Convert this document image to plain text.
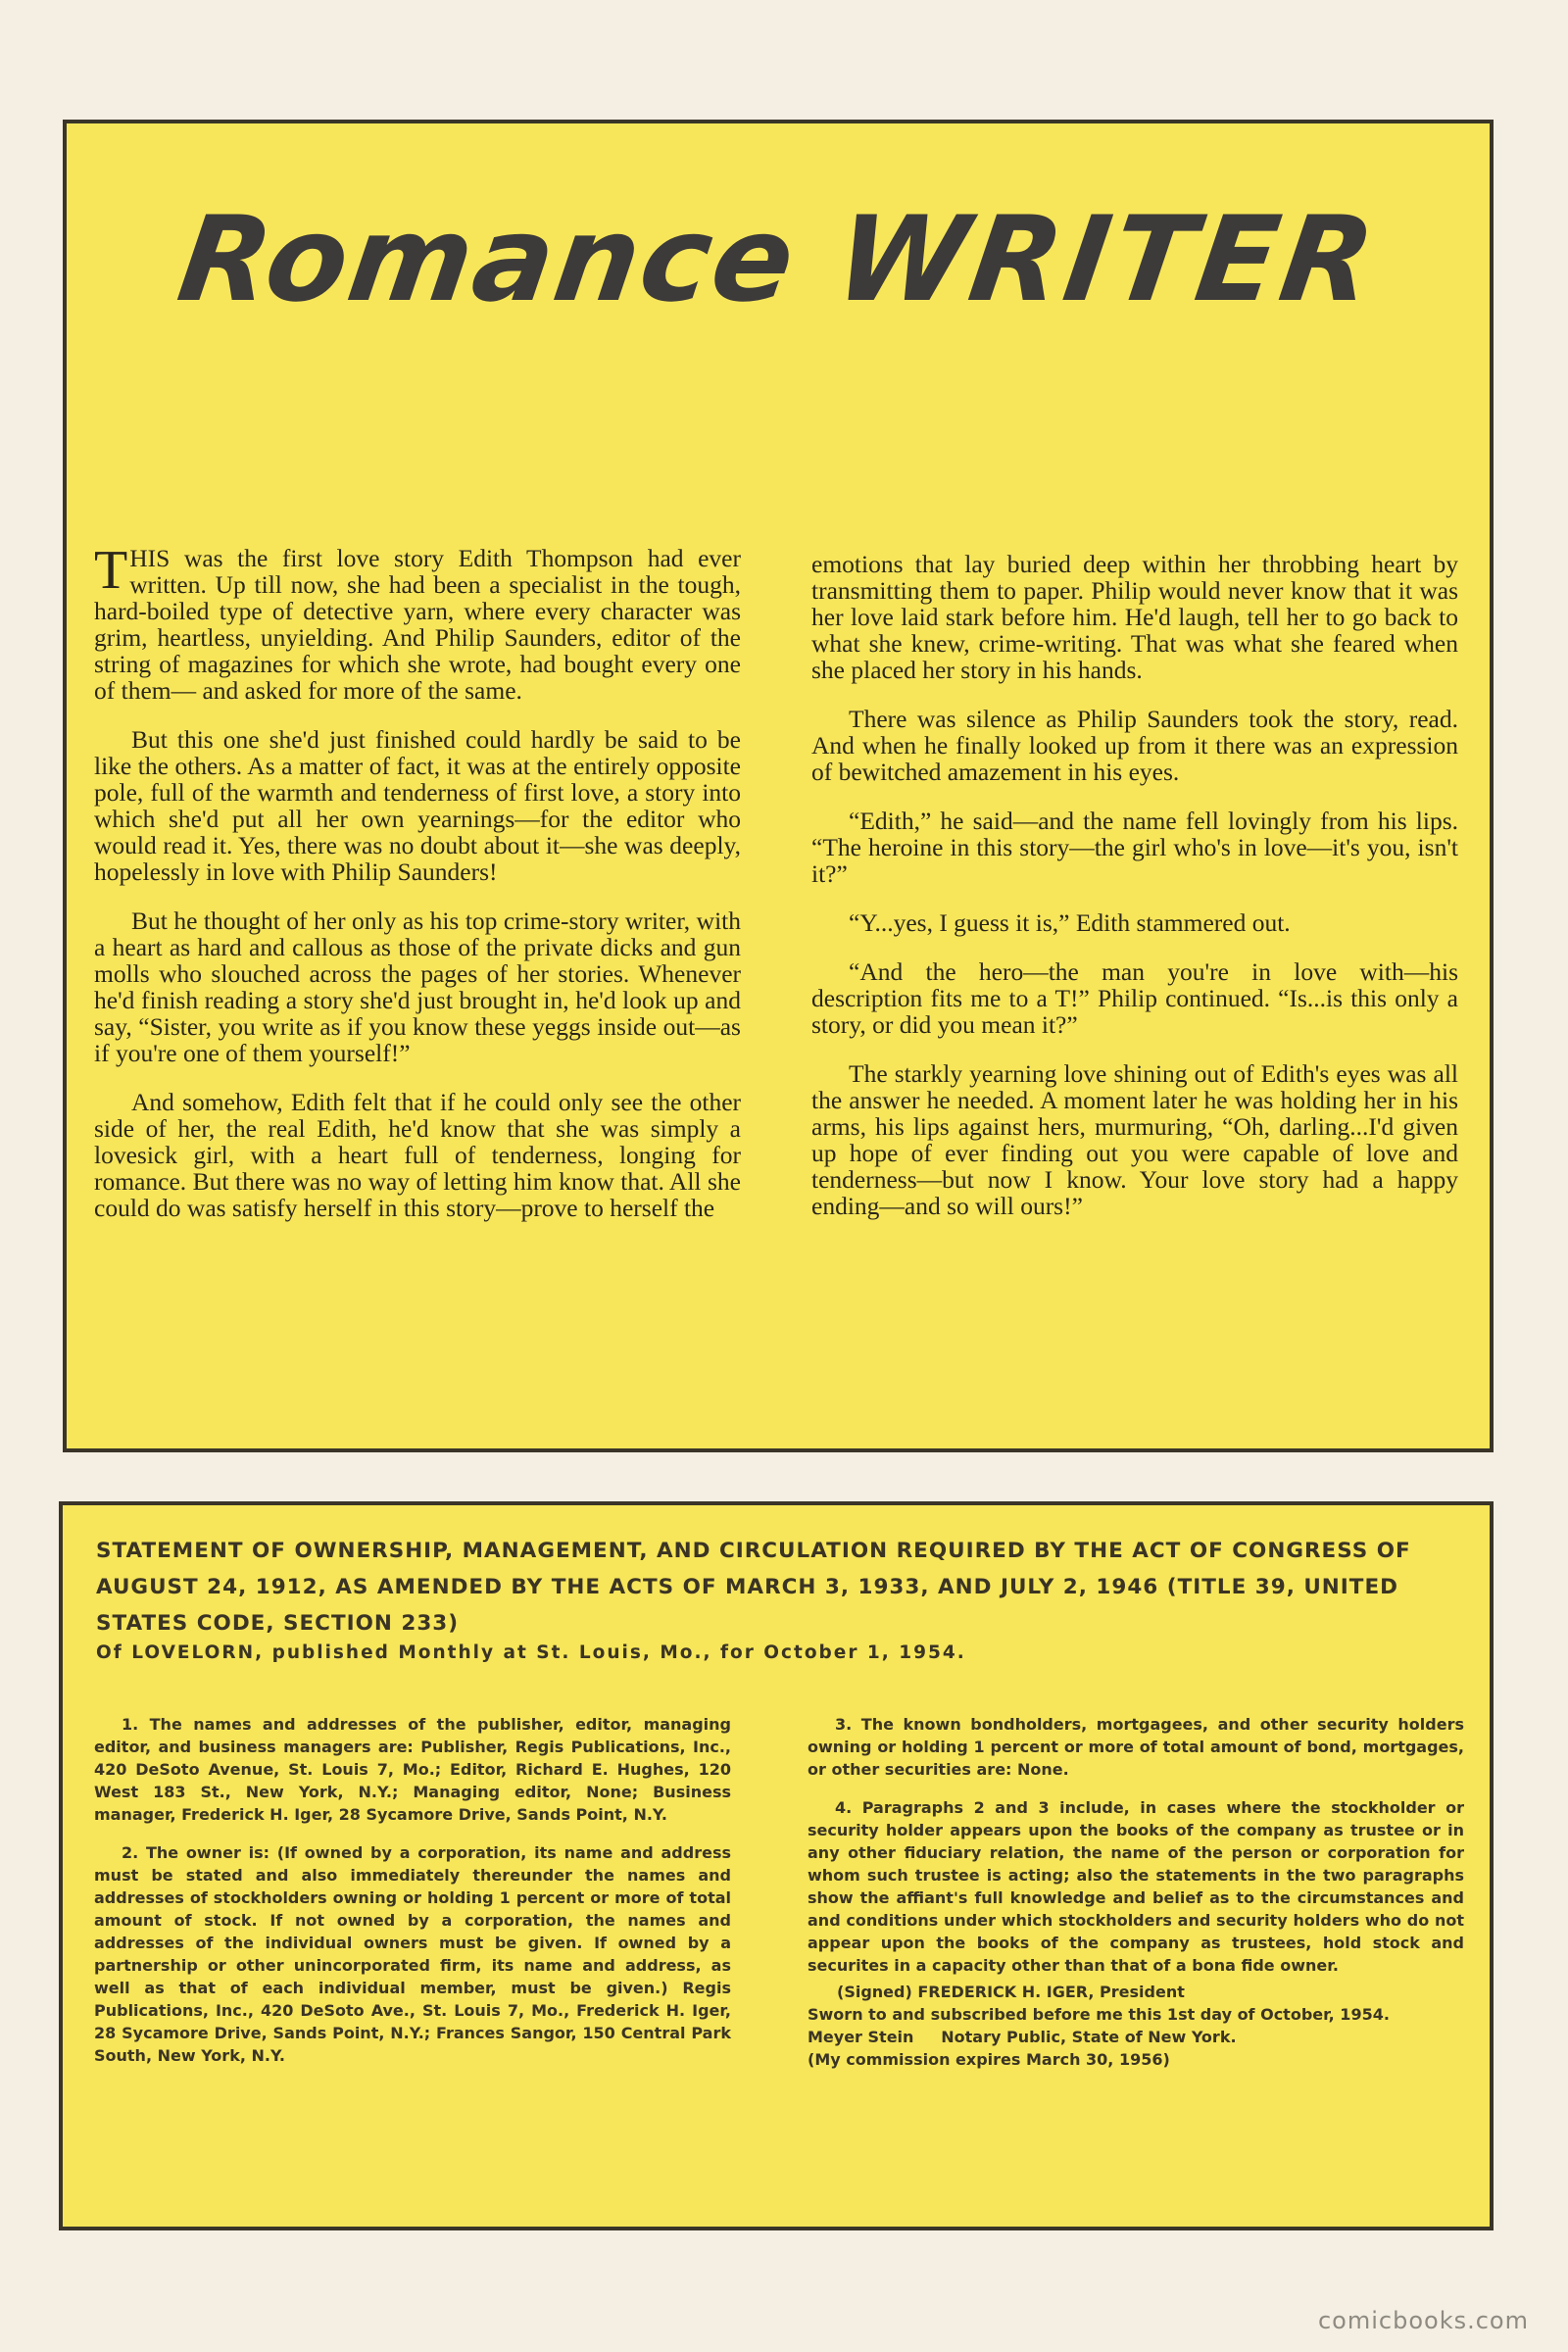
Romance WRITER

THIS was the first love story Edith Thompson had ever written. Up till now, she had been a specialist in the tough, hard-boiled type of detective yarn, where every character was grim, heartless, unyielding. And Philip Saunders, editor of the string of magazines for which she wrote, had bought every one of them— and asked for more of the same.

But this one she'd just finished could hardly be said to be like the others. As a matter of fact, it was at the entirely opposite pole, full of the warmth and tenderness of first love, a story into which she'd put all her own yearnings—for the editor who would read it. Yes, there was no doubt about it—she was deeply, hopelessly in love with Philip Saunders!

But he thought of her only as his top crime-story writer, with a heart as hard and callous as those of the private dicks and gun molls who slouched across the pages of her stories. Whenever he'd finish reading a story she'd just brought in, he'd look up and say, “Sister, you write as if you know these yeggs inside out—as if you're one of them yourself!”

And somehow, Edith felt that if he could only see the other side of her, the real Edith, he'd know that she was simply a lovesick girl, with a heart full of tenderness, longing for romance. But there was no way of letting him know that. All she could do was satisfy herself in this story—prove to herself the

emotions that lay buried deep within her throbbing heart by transmitting them to paper. Philip would never know that it was her love laid stark before him. He'd laugh, tell her to go back to what she knew, crime-writing. That was what she feared when she placed her story in his hands.

There was silence as Philip Saunders took the story, read. And when he finally looked up from it there was an expression of bewitched amazement in his eyes.

“Edith,” he said—and the name fell lovingly from his lips. “The heroine in this story—the girl who's in love—it's you, isn't it?”

“Y...yes, I guess it is,” Edith stammered out.

“And the hero—the man you're in love with—his description fits me to a T!” Philip continued. “Is...is this only a story, or did you mean it?”

The starkly yearning love shining out of Edith's eyes was all the answer he needed. A moment later he was holding her in his arms, his lips against hers, murmuring, “Oh, darling...I'd given up hope of ever finding out you were capable of love and tenderness—but now I know. Your love story had a happy ending—and so will ours!”

STATEMENT OF OWNERSHIP, MANAGEMENT, AND CIRCULATION REQUIRED BY THE ACT OF CONGRESS OF AUGUST 24, 1912, AS AMENDED BY THE ACTS OF MARCH 3, 1933, AND JULY 2, 1946 (TITLE 39, UNITED STATES CODE, SECTION 233)
Of LOVELORN, published Monthly at St. Louis, Mo., for October 1, 1954.

1. The names and addresses of the publisher, editor, managing editor, and business managers are: Publisher, Regis Publications, Inc., 420 DeSoto Avenue, St. Louis 7, Mo.; Editor, Richard E. Hughes, 120 West 183 St., New York, N.Y.; Managing editor, None; Business manager, Frederick H. Iger, 28 Sycamore Drive, Sands Point, N.Y.

2. The owner is: (If owned by a corporation, its name and address must be stated and also immediately thereunder the names and addresses of stockholders owning or holding 1 percent or more of total amount of stock. If not owned by a corporation, the names and addresses of the individual owners must be given. If owned by a partnership or other unincorporated firm, its name and address, as well as that of each individual member, must be given.) Regis Publications, Inc., 420 DeSoto Ave., St. Louis 7, Mo., Frederick H. Iger, 28 Sycamore Drive, Sands Point, N.Y.; Frances Sangor, 150 Central Park South, New York, N.Y.

3. The known bondholders, mortgagees, and other security holders owning or holding 1 percent or more of total amount of bond, mortgages, or other securities are: None.

4. Paragraphs 2 and 3 include, in cases where the stockholder or security holder appears upon the books of the company as trustee or in any other fiduciary relation, the name of the person or corporation for whom such trustee is acting; also the statements in the two paragraphs show the affiant's full knowledge and belief as to the circumstances and and conditions under which stockholders and security holders who do not appear upon the books of the company as trustees, hold stock and securites in a capacity other than that of a bona fide owner.

(Signed) FREDERICK H. IGER, President

Sworn to and subscribed before me this 1st day of October, 1954.

Meyer Stein     Notary Public, State of New York.

(My commission expires March 30, 1956)

comicbooks.com
